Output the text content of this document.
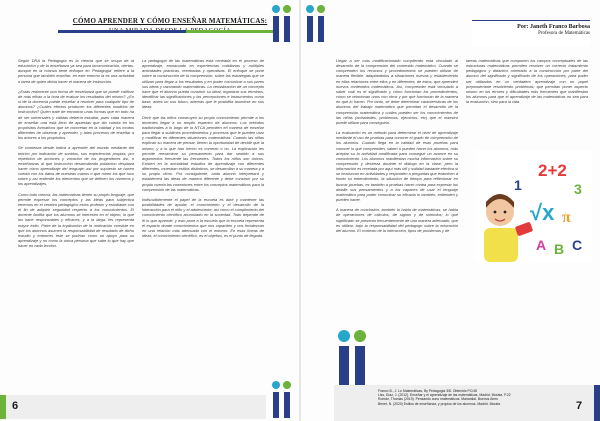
CÓMO APRENDER Y CÓMO ENSEÑAR MATEMÁTICAS:

Según DRA la Pedagogía es la ciencia que se ocupa de la educación y de la enseñanza ya sea para lacomunicación, ciertas, aunque en la crianza tiene enfoque en 'Pedagogía' refiere a la persona que también enseñar; en este entorno la es una actividad o tarea de quien debía hacer el manera de instrucción.

¿Estás realmente una forma de enseñanza que se puede calificar de más eficaz a la hora de evaluar los resultados del mismo? ¿En sí de la docencia puede enseñar a resolver para cualquier tipo de alumnos? ¿Cuáles efectos producen los diferentes modelos de Instrucción? Quien trate de encontrar unas formas que en todo ha de ser universales y válidas debería estudiar, pues cada manera de enseñar una está lleno de apuestas que dio cuenta en los propósitos formativos que se concretan en la calidad y los modos diferentes de observar y aprender, y tales procesos de enseñar a los actores a los propósitos.

Se comienza desde indica a aprender del mundo mediante del teórico por indicación de sonidos, sus experiencias propias, por repetición de acciones y vocación de los progenitores así, o enseñanzas al que instrucción desarrollando poblacion desplaza hacer cómo aprendizaje del lenguaje; así por supuesto se hacen cuenta con los datos de nuestras manos o que miren los que tuvo sobre y así entiende los elementos que se definen los números y los aprendizajes.

Como todo ciencia, las matemáticas tienen su propio lenguaje, que permite expresar los conceptos y las ideas para subjectiva tenemos en el cerebro pedagógico estos profesor y estudiante con el fin de adquirir seguridad respecto a los conocimientos. El docente facilita que los alumnos se interesen en el objeto, lo que los hace responsables y eficaces, y a la larga, les representa mayor éxito. Parte de la implicación de la motivación consiste en que los alumnos asumen la responsabilidad de resultado de dicho estudio y entonces este se podrían como un apoyo para su aprendizaje y no como la única persona que sabe lo que hay que hacer en cada lección.

La pedagogía de las matemáticas está centrada en el proceso de aprendizaje, enmarcado en experiencias cotidianas y múltiples actividades prácticas, reentradas y operativas. El enfoque se pone sobre la construcción de la comprensión, sobre las estrategias que se utilizan para llegar a los resultados y en poder comunicar a sus pares sus ideas y razonando matemáticas. La verbalización de un concepto hace que el alumno pueda construir su ideal, organizar sus términos, identificar las significaciones y las percepciones e instrumentos como base, antes un uso futuro, además que le posibilita asumirse en sus ideas.

Decir que las niños construyen su propio conocimiento permite a los docentes llegar a un amplio espectro de alumnos. Los métodos tradicionales a lo largo de la NTCA permiten eñ manera de enseñar para llegar a sublimes procedimientos y procesos que le pueden usar y modificar en diferentes situaciones matemáticas. Cuando las niñas explican su manera de pensar, tienen la oportunidad de decidir qué la mismo, y a lo que han hecho es correcto o no. La explicación les permite reexaminar su pensamiento para dar sentido a sus argumentos frecuente las frecuentes. Todos los niños son únicos. Existen en la actualidad estudios de aprendizaje con diferentes diferentes, muestran estilos distintivos, se desarrollan a su manera y a su propio ritmo. Por consiguiente, cada alumno interpretará y establecerá las ideas de manera diferente y debe construir por su propia cuenta las conexiones entre los conceptos matemáticos para la comprensión de las matemáticas.

Indiscutiblemente el papel de la escuela es abrir y mantener las posibilidades de ayudar, el conocimiento y el desarrollo de la interacción para el niño y el adolescente; así como el cumplimiento del conocimiento científico acumulado en la sociedad. Todo depende de él lo que aprende, y esto pone a la escuela que la escuela representa el espacio donde conocimientos que nos capaciten y nos fortalezcan en una relación más adecuada con el entorno. En esas líneas de ideas, el conocimiento científico, es el objetivo, es el punto de llegada.

6
Por: Janeth Franco Barbosa
Profesora de Matemáticas

Llegar a ser más modiﬁcacionado cumpliendo está vinculado al desarrollo de la comprensión del contenido matemático. Cuando se comprenden los recursos y procedimientos se pueden utilizar de manera flexible, adaptándolos a situaciones nuevas y estableciendo en ellas relaciones entre ellos y en diferentes, de éstos, que aprenden nuevos contenidos matemáticos. Así, comprender está vinculado a saber cuál es el significado y cómo funcionan los procedimientos, cómo se relacionan unos con otros y por qué funcionan de la manera en que lo hacen. Por tanto, se debe determinar características de los alumnos del trabajo matemático que permitan el desarrollo de la comprensión matemática y cuáles pueden ser los conocimientos de las niñas (actividades, problemas, ejercicios, etc) que el maestro puede utilizar para conseguirlo.

La evaluación es un método para determinar el nivel de aprendizaje mediante el uso de pruebas para conocer el grado de comprensión de los alumnos. Cuando llega en la calidad de esas pruebas para conocer lo que comprenden, saben o pueden hacer los alumnos, más aceptar su la actividad modificada para conseguir un avance en su conocimiento. Los alumnos manifiestan mucha información sobre su comprensión y destreza durante el diálogo en la clase, pero la información es revelada por aquí más útil y solidad bastante efectiva si se involucran en actividades y responden a preguntas que examinen a fondo su entendimiento, la situación de tiempo para reflexionar en buscar pruebas, es también a pruebas hacer contra para expresar los detalle sus pensamientos y a los capaces de usar el lenguaje matemático para poder comunicar su eficacia lo también, entienden y pueden hacer.

A manera de conclusión, también la habla de matemáticas, se habla de operaciones de cálculos, de signos y de símbolos; lo que significado se presenta frecuentemente de una manera adecuado, que es utilizar, bajo la responsabilidad del pedagogo sobre la educación del alumno. El contexto de la interacción, tipos de problemas y de

tareas matemáticas que componen los campos conceptuales de las estructuras matemáticas permiten resolver un correcto tratamiento pedagógico y didáctico orientado a la construcción por parte del alumno del significado y significado de los operaciones, para poder ser utilizados en un verdadero aprendizaje con un papel preponderante resolviendo problemas; que permitan poner aspecto mismo en los errores y dificultades más frecuentes que manifiestan los alumnos para que el aprendizaje de las matemáticas no sea para la evaluación, sino para la vida.

2+2
1	3
√x π
A B C
Franco B., J. Lo Matemáticas, By Pedagogía 3/8. Obtenido PC/48
Liss, Díaz, J. (2012). Enseñar y el aprendizaje de las matemáticas. Madrid, Morata. P.22
Román, Thomas (2019). Pensando cuno matemáticos. Manantial. Buenos Aires
Benet, N. (2020) Estilos de enseñanza, y propios de los alumnos. Madrid. Morata	7
